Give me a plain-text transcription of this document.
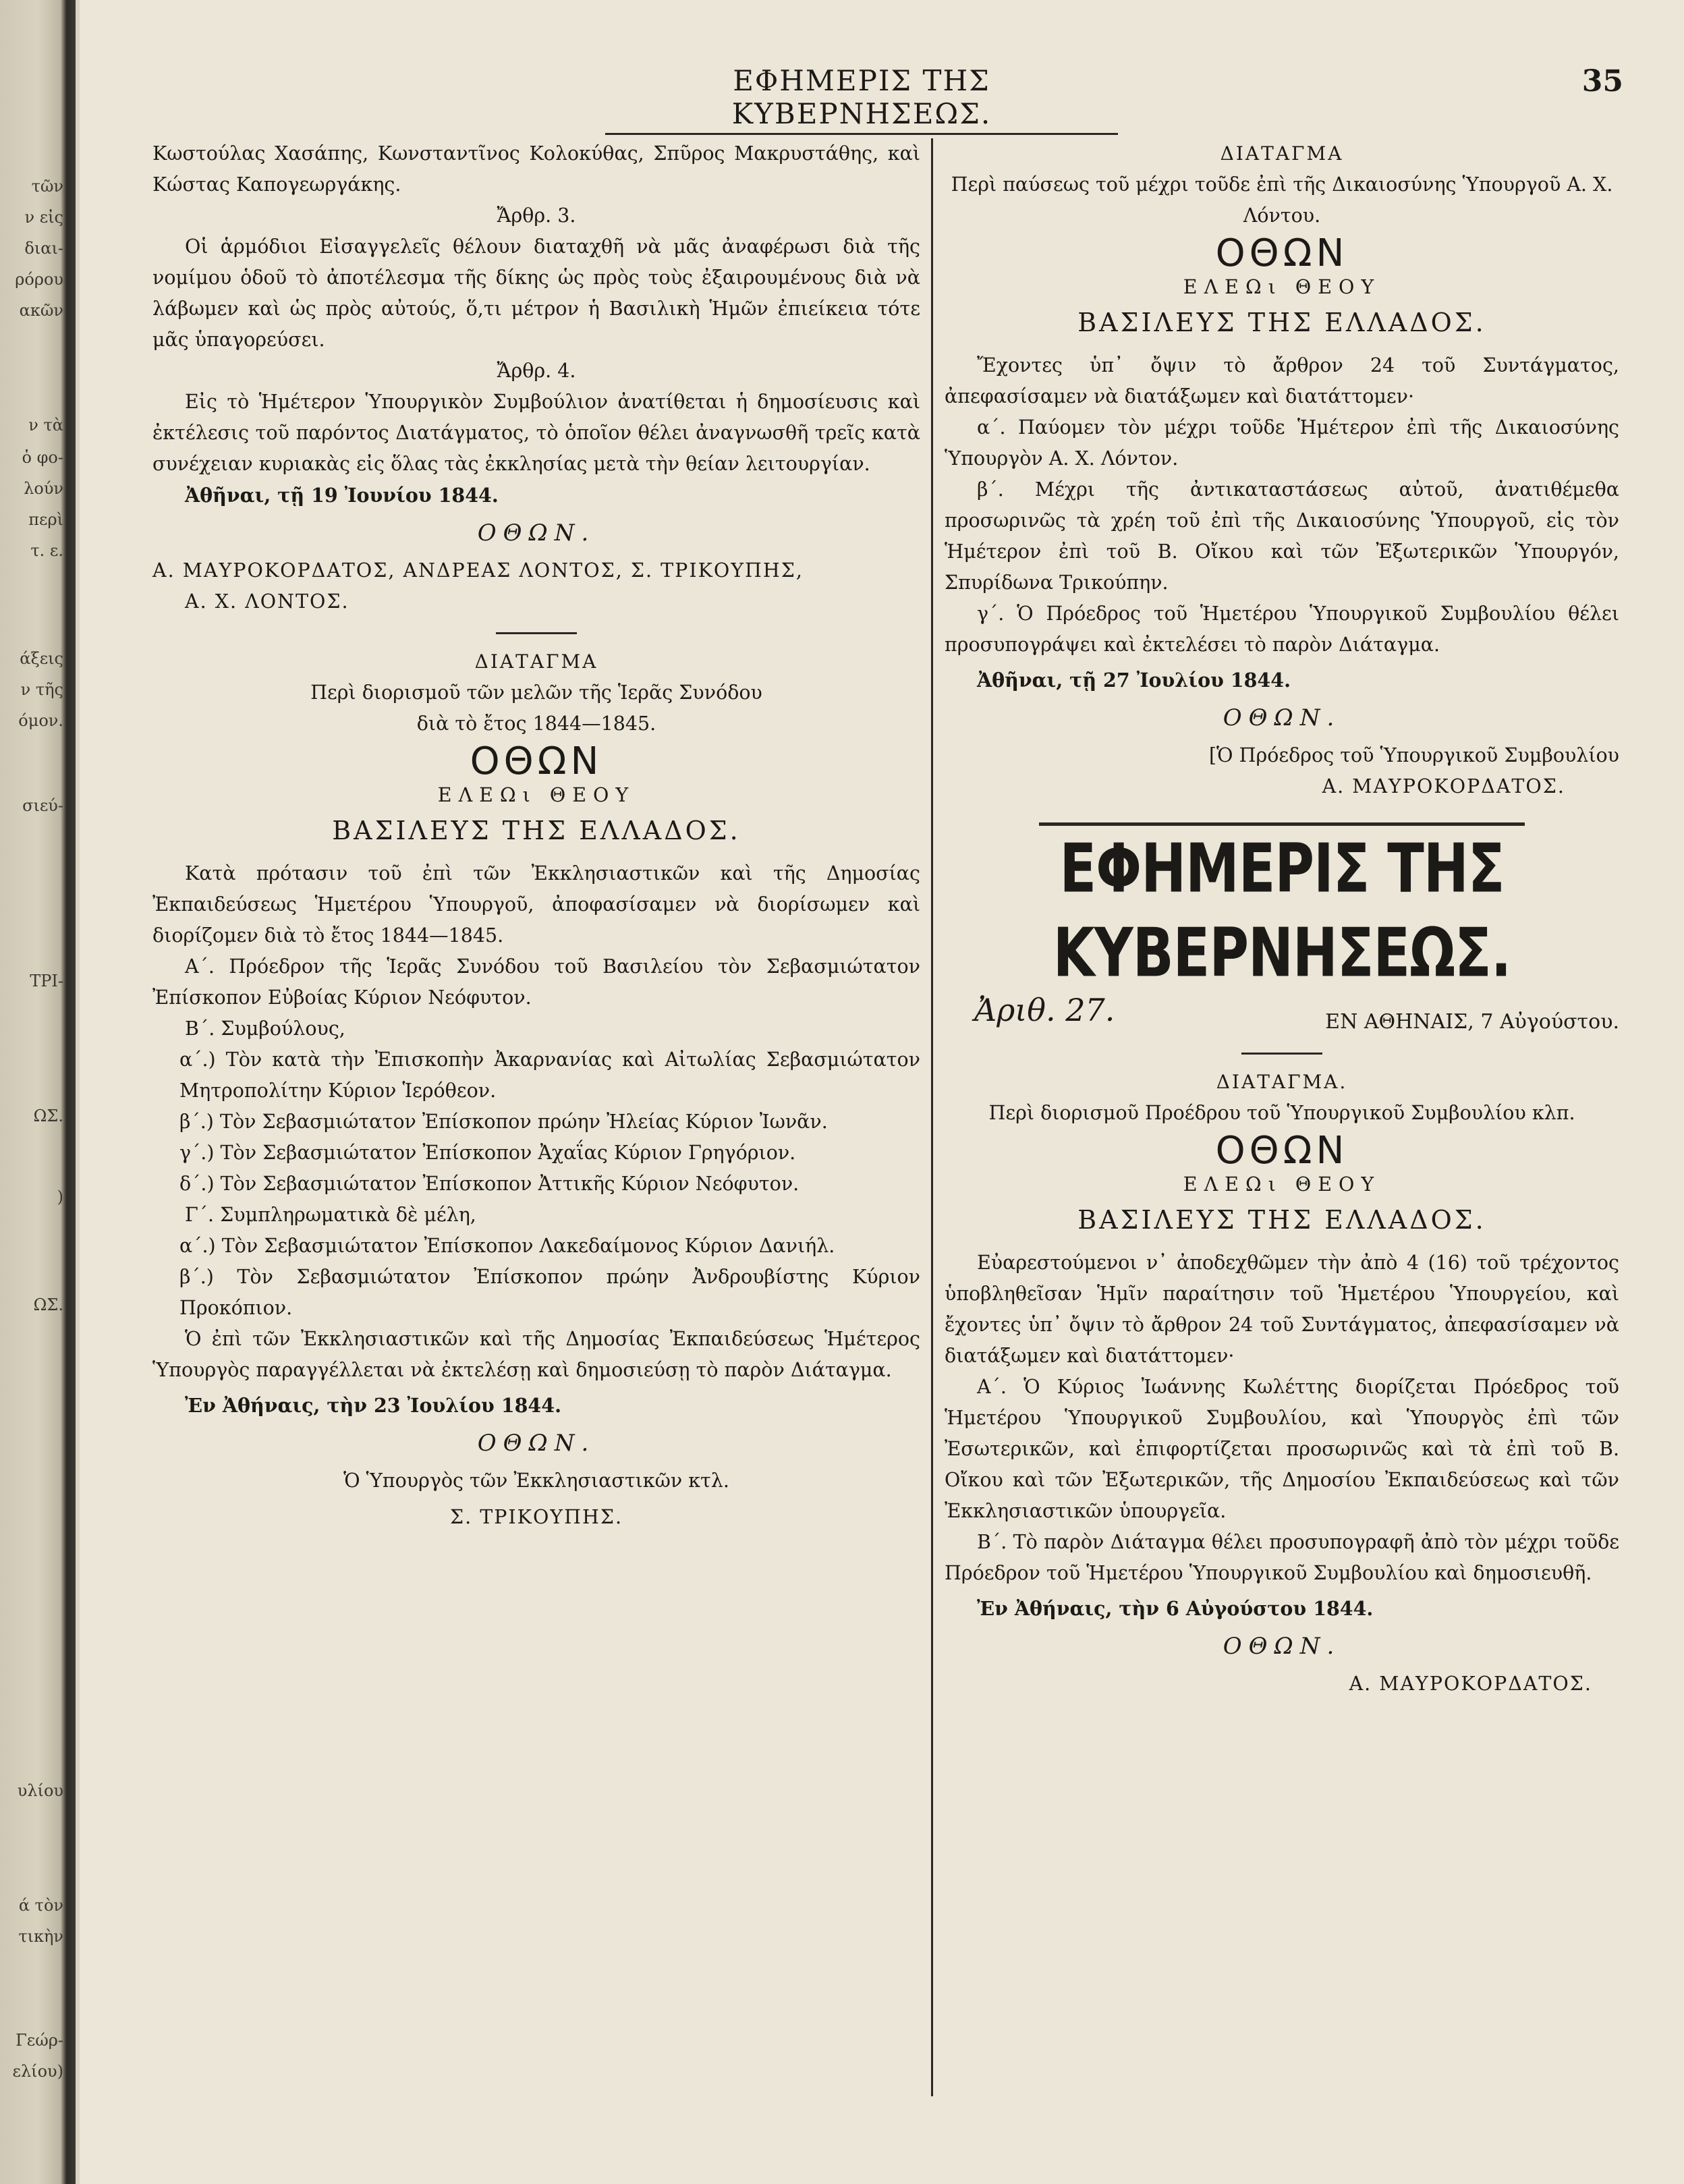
τῶν
ν εἰς
διαι-
ρόρου
ακῶν
ν τὰ
ὁ φο-
λούν
περὶ
τ. ε.
άξεις
ν τῆς
όμον.
σιεύ-
TPI-
ΩΣ.
)
ΩΣ.
υλίου
ά τὸν
τικὴν
Γεώρ-
ελίου)
ΕΦΗΜΕΡΙΣ ΤΗΣ ΚΥΒΕΡΝΗΣΕΩΣ.
35

Κωστούλας Χασάπης, Κωνσταντῖνος Κολοκύθας, Σπῦρος Μακρυστάθης, καὶ Κώστας Καπογεωργάκης.

Ἄρθρ. 3.

Οἱ ἁρμόδιοι Εἰσαγγελεῖς θέλουν διαταχθῆ νὰ μᾶς ἀναφέρωσι διὰ τῆς νομίμου ὁδοῦ τὸ ἀποτέλεσμα τῆς δίκης ὡς πρὸς τοὺς ἐξαιρουμένους διὰ νὰ λάβωμεν καὶ ὡς πρὸς αὐτούς, ὅ,τι μέτρον ἡ Βασιλικὴ Ἡμῶν ἐπιείκεια τότε μᾶς ὑπαγορεύσει.

Ἄρθρ. 4.

Εἰς τὸ Ἡμέτερον Ὑπουργικὸν Συμβούλιον ἀνατίθεται ἡ δημοσίευσις καὶ ἐκτέλεσις τοῦ παρόντος Διατάγματος, τὸ ὁποῖον θέλει ἀναγνωσθῆ τρεῖς κατὰ συνέχειαν κυριακὰς εἰς ὅλας τὰς ἐκκλησίας μετὰ τὴν θείαν λειτουργίαν.

Ἀθῆναι, τῇ 19 Ἰουνίου 1844.

ΟΘΩΝ.

Α. ΜΑΥΡΟΚΟΡΔΑΤΟΣ, ΑΝΔΡΕΑΣ ΛΟΝΤΟΣ, Σ. ΤΡΙΚΟΥΠΗΣ,

Α. Χ. ΛΟΝΤΟΣ.

ΔΙΑΤΑΓΜΑ

Περὶ διορισμοῦ τῶν μελῶν τῆς Ἱερᾶς Συνόδου

διὰ τὸ ἔτος 1844—1845.

ΟΘΩΝ

ΕΛΕΩι ΘΕΟΥ

ΒΑΣΙΛΕΥΣ ΤΗΣ ΕΛΛΑΔΟΣ.

Κατὰ πρότασιν τοῦ ἐπὶ τῶν Ἐκκλησιαστικῶν καὶ τῆς Δημοσίας Ἐκπαιδεύσεως Ἡμετέρου Ὑπουργοῦ, ἀποφασίσαμεν νὰ διορίσωμεν καὶ διορίζομεν διὰ τὸ ἔτος 1844—1845.

Α΄. Πρόεδρον τῆς Ἱερᾶς Συνόδου τοῦ Βασιλείου τὸν Σεβασμιώτατον Ἐπίσκοπον Εὐβοίας Κύριον Νεόφυτον.

Β΄. Συμβούλους,

α΄.) Τὸν κατὰ τὴν Ἐπισκοπὴν Ἀκαρνανίας καὶ Αἰτωλίας Σεβασμιώτατον Μητροπολίτην Κύριον Ἱερόθεον.

β΄.) Τὸν Σεβασμιώτατον Ἐπίσκοπον πρώην Ἠλείας Κύριον Ἰωνᾶν.

γ΄.) Τὸν Σεβασμιώτατον Ἐπίσκοπον Ἀχαΐας Κύριον Γρηγόριον.

δ΄.) Τὸν Σεβασμιώτατον Ἐπίσκοπον Ἀττικῆς Κύριον Νεόφυτον.

Γ΄. Συμπληρωματικὰ δὲ μέλη,

α΄.) Τὸν Σεβασμιώτατον Ἐπίσκοπον Λακεδαίμονος Κύριον Δανιήλ.

β΄.) Τὸν Σεβασμιώτατον Ἐπίσκοπον πρώην Ἀνδρουβίστης Κύριον Προκόπιον.

Ὁ ἐπὶ τῶν Ἐκκλησιαστικῶν καὶ τῆς Δημοσίας Ἐκπαιδεύσεως Ἡμέτερος Ὑπουργὸς παραγγέλλεται νὰ ἐκτελέσῃ καὶ δημοσιεύσῃ τὸ παρὸν Διάταγμα.

Ἐν Ἀθήναις, τὴν 23 Ἰουλίου 1844.

ΟΘΩΝ.

Ὁ Ὑπουργὸς τῶν Ἐκκλησιαστικῶν κτλ.

Σ. ΤΡΙΚΟΥΠΗΣ.

ΔΙΑΤΑΓΜΑ

Περὶ παύσεως τοῦ μέχρι τοῦδε ἐπὶ τῆς Δικαιοσύνης Ὑπουργοῦ Α. Χ. Λόντου.

ΟΘΩΝ

ΕΛΕΩι ΘΕΟΥ

ΒΑΣΙΛΕΥΣ ΤΗΣ ΕΛΛΑΔΟΣ.

Ἔχοντες ὑπ᾽ ὄψιν τὸ ἄρθρον 24 τοῦ Συντάγματος, ἀπεφασίσαμεν νὰ διατάξωμεν καὶ διατάττομεν·

α΄. Παύομεν τὸν μέχρι τοῦδε Ἡμέτερον ἐπὶ τῆς Δικαιοσύνης Ὑπουργὸν Α. Χ. Λόντον.

β΄. Μέχρι τῆς ἀντικαταστάσεως αὐτοῦ, ἀνατιθέμεθα προσωρινῶς τὰ χρέη τοῦ ἐπὶ τῆς Δικαιοσύνης Ὑπουργοῦ, εἰς τὸν Ἡμέτερον ἐπὶ τοῦ Β. Οἴκου καὶ τῶν Ἐξωτερικῶν Ὑπουργόν, Σπυρίδωνα Τρικούπην.

γ΄. Ὁ Πρόεδρος τοῦ Ἡμετέρου Ὑπουργικοῦ Συμβουλίου θέλει προσυπογράψει καὶ ἐκτελέσει τὸ παρὸν Διάταγμα.

Ἀθῆναι, τῇ 27 Ἰουλίου 1844.

ΟΘΩΝ.

[Ὁ Πρόεδρος τοῦ Ὑπουργικοῦ Συμβουλίου

Α. ΜΑΥΡΟΚΟΡΔΑΤΟΣ.

ΕΦΗΜΕΡΙΣ ΤΗΣ ΚΥΒΕΡΝΗΣΕΩΣ.

Ἀριθ. 27.	ΕΝ ΑΘΗΝΑΙΣ, 7 Αὐγούστου.

ΔΙΑΤΑΓΜΑ.

Περὶ διορισμοῦ Προέδρου τοῦ Ὑπουργικοῦ Συμβουλίου κλπ.

ΟΘΩΝ

ΕΛΕΩι ΘΕΟΥ

ΒΑΣΙΛΕΥΣ ΤΗΣ ΕΛΛΑΔΟΣ.

Εὐαρεστούμενοι ν᾽ ἀποδεχθῶμεν τὴν ἀπὸ 4 (16) τοῦ τρέχοντος ὑποβληθεῖσαν Ἡμῖν παραίτησιν τοῦ Ἡμετέρου Ὑπουργείου, καὶ ἔχοντες ὑπ᾽ ὄψιν τὸ ἄρθρον 24 τοῦ Συντάγματος, ἀπεφασίσαμεν νὰ διατάξωμεν καὶ διατάττομεν·

Α΄. Ὁ Κύριος Ἰωάννης Κωλέττης διορίζεται Πρόεδρος τοῦ Ἡμετέρου Ὑπουργικοῦ Συμβουλίου, καὶ Ὑπουργὸς ἐπὶ τῶν Ἐσωτερικῶν, καὶ ἐπιφορτίζεται προσωρινῶς καὶ τὰ ἐπὶ τοῦ Β. Οἴκου καὶ τῶν Ἐξωτερικῶν, τῆς Δημοσίου Ἐκπαιδεύσεως καὶ τῶν Ἐκκλησιαστικῶν ὑπουργεῖα.

Β΄. Τὸ παρὸν Διάταγμα θέλει προσυπογραφῆ ἀπὸ τὸν μέχρι τοῦδε Πρόεδρον τοῦ Ἡμετέρου Ὑπουργικοῦ Συμβουλίου καὶ δημοσιευθῆ.

Ἐν Ἀθήναις, τὴν 6 Αὐγούστου 1844.

ΟΘΩΝ.

Α. ΜΑΥΡΟΚΟΡΔΑΤΟΣ.
